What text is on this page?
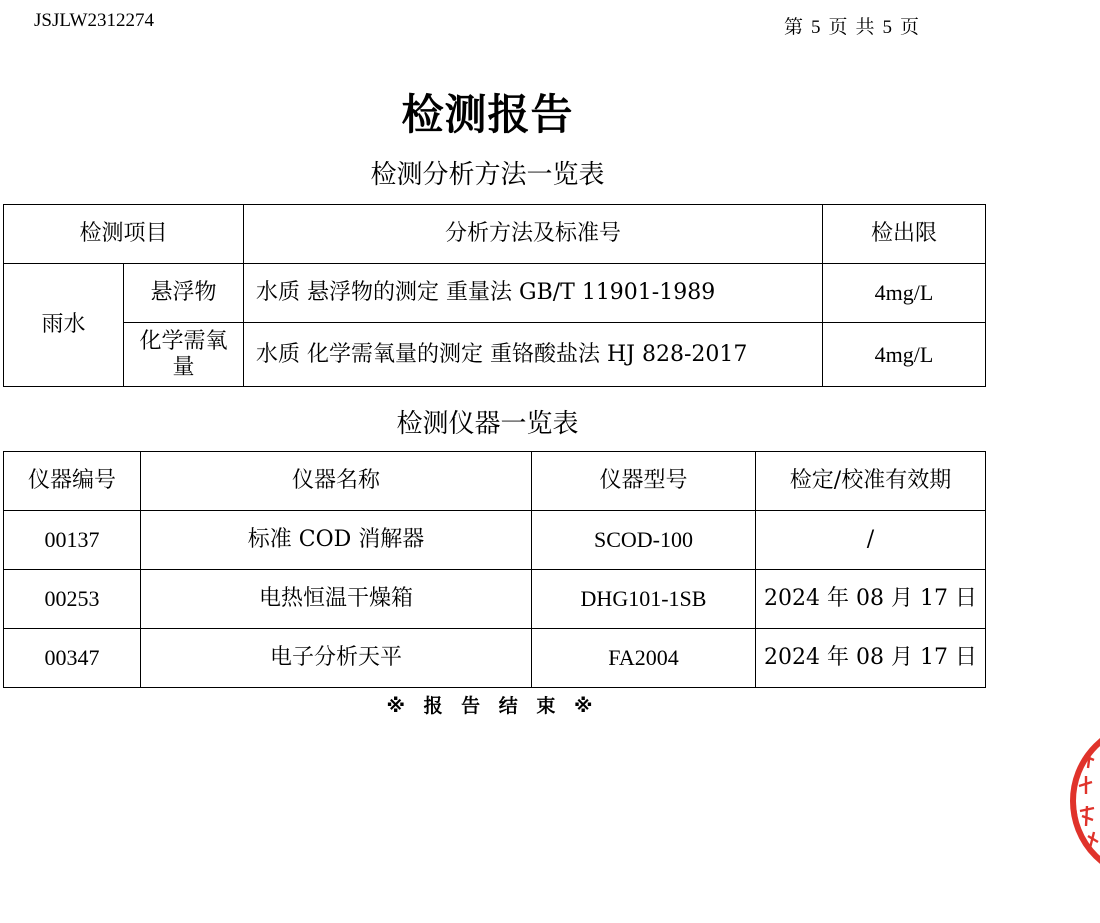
JSJLW2312274	第 5 页 共 5 页
检测报告
检测分析方法一览表
检测项目		分析方法及标准号	检出限
雨水	悬浮物	水质 悬浮物的测定 重量法 GB/T 11901-1989	4mg/L
	化学需氧量	水质 化学需氧量的测定 重铬酸盐法 HJ 828-2017	4mg/L
检测仪器一览表
仪器编号	仪器名称	仪器型号	检定/校准有效期
00137	标准 COD 消解器	SCOD-100	/
00253	电热恒温干燥箱	DHG101-1SB	2024 年 08 月 17 日
00347	电子分析天平	FA2004	2024 年 08 月 17 日
※ 报 告 结 束 ※
